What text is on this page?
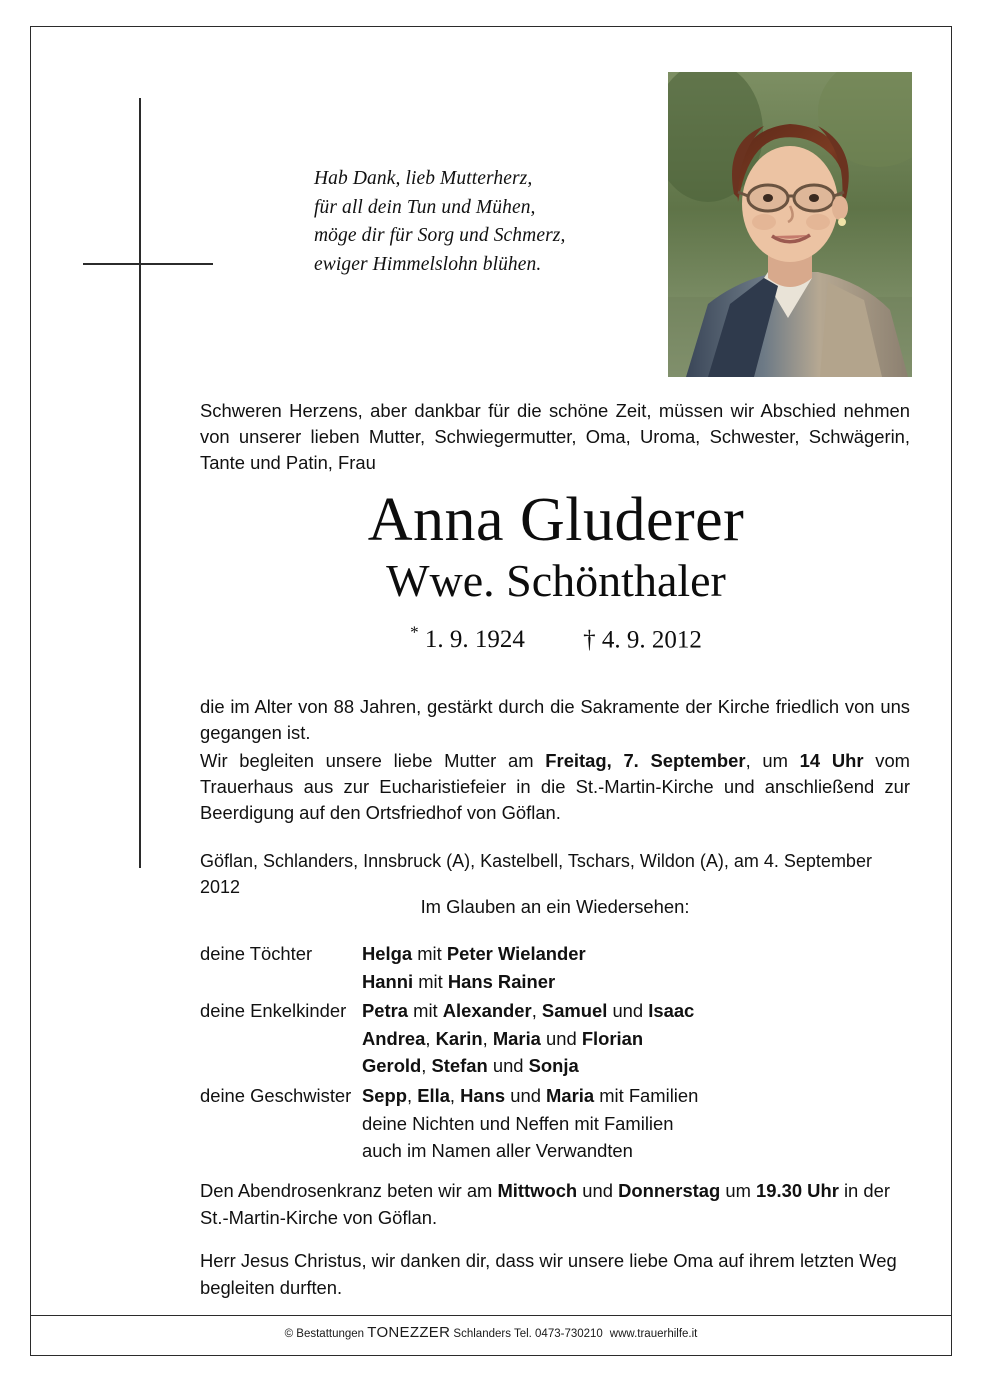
Hab Dank, lieb Mutterherz,
für all dein Tun und Mühen,
möge dir für Sorg und Schmerz,
ewiger Himmelslohn blühen.
Schweren Herzens, aber dankbar für die schöne Zeit, müssen wir Abschied nehmen von unserer lieben Mutter, Schwiegermutter, Oma, Uroma, Schwester, Schwägerin, Tante und Patin, Frau
Anna Gluderer
Wwe. Schönthaler
* 1. 9. 1924 † 4. 9. 2012
die im Alter von 88 Jahren, gestärkt durch die Sakramente der Kirche friedlich von uns gegangen ist.
Wir begleiten unsere liebe Mutter am Freitag, 7. September, um 14 Uhr vom Trauerhaus aus zur Eucharistiefeier in die St.-Martin-Kirche und anschließend zur Beerdigung auf den Ortsfriedhof von Göflan.
Göflan, Schlanders, Innsbruck (A), Kastelbell, Tschars, Wildon (A), am 4. September 2012
Im Glauben an ein Wiedersehen:
deine Töchter	Helga mit Peter Wielander
Hanni mit Hans Rainer
deine Enkelkinder Petra mit Alexander, Samuel und Isaac
Andrea, Karin, Maria und Florian
Gerold, Stefan und Sonja
deine Geschwister Sepp, Ella, Hans und Maria mit Familien
deine Nichten und Neffen mit Familien
auch im Namen aller Verwandten
Den Abendrosenkranz beten wir am Mittwoch und Donnerstag um 19.30 Uhr in der St.-Martin-Kirche von Göflan.
Herr Jesus Christus, wir danken dir, dass wir unsere liebe Oma auf ihrem letzten Weg begleiten durften.
© Bestattungen TONEZZER Schlanders Tel. 0473-730210 www.trauerhilfe.it
